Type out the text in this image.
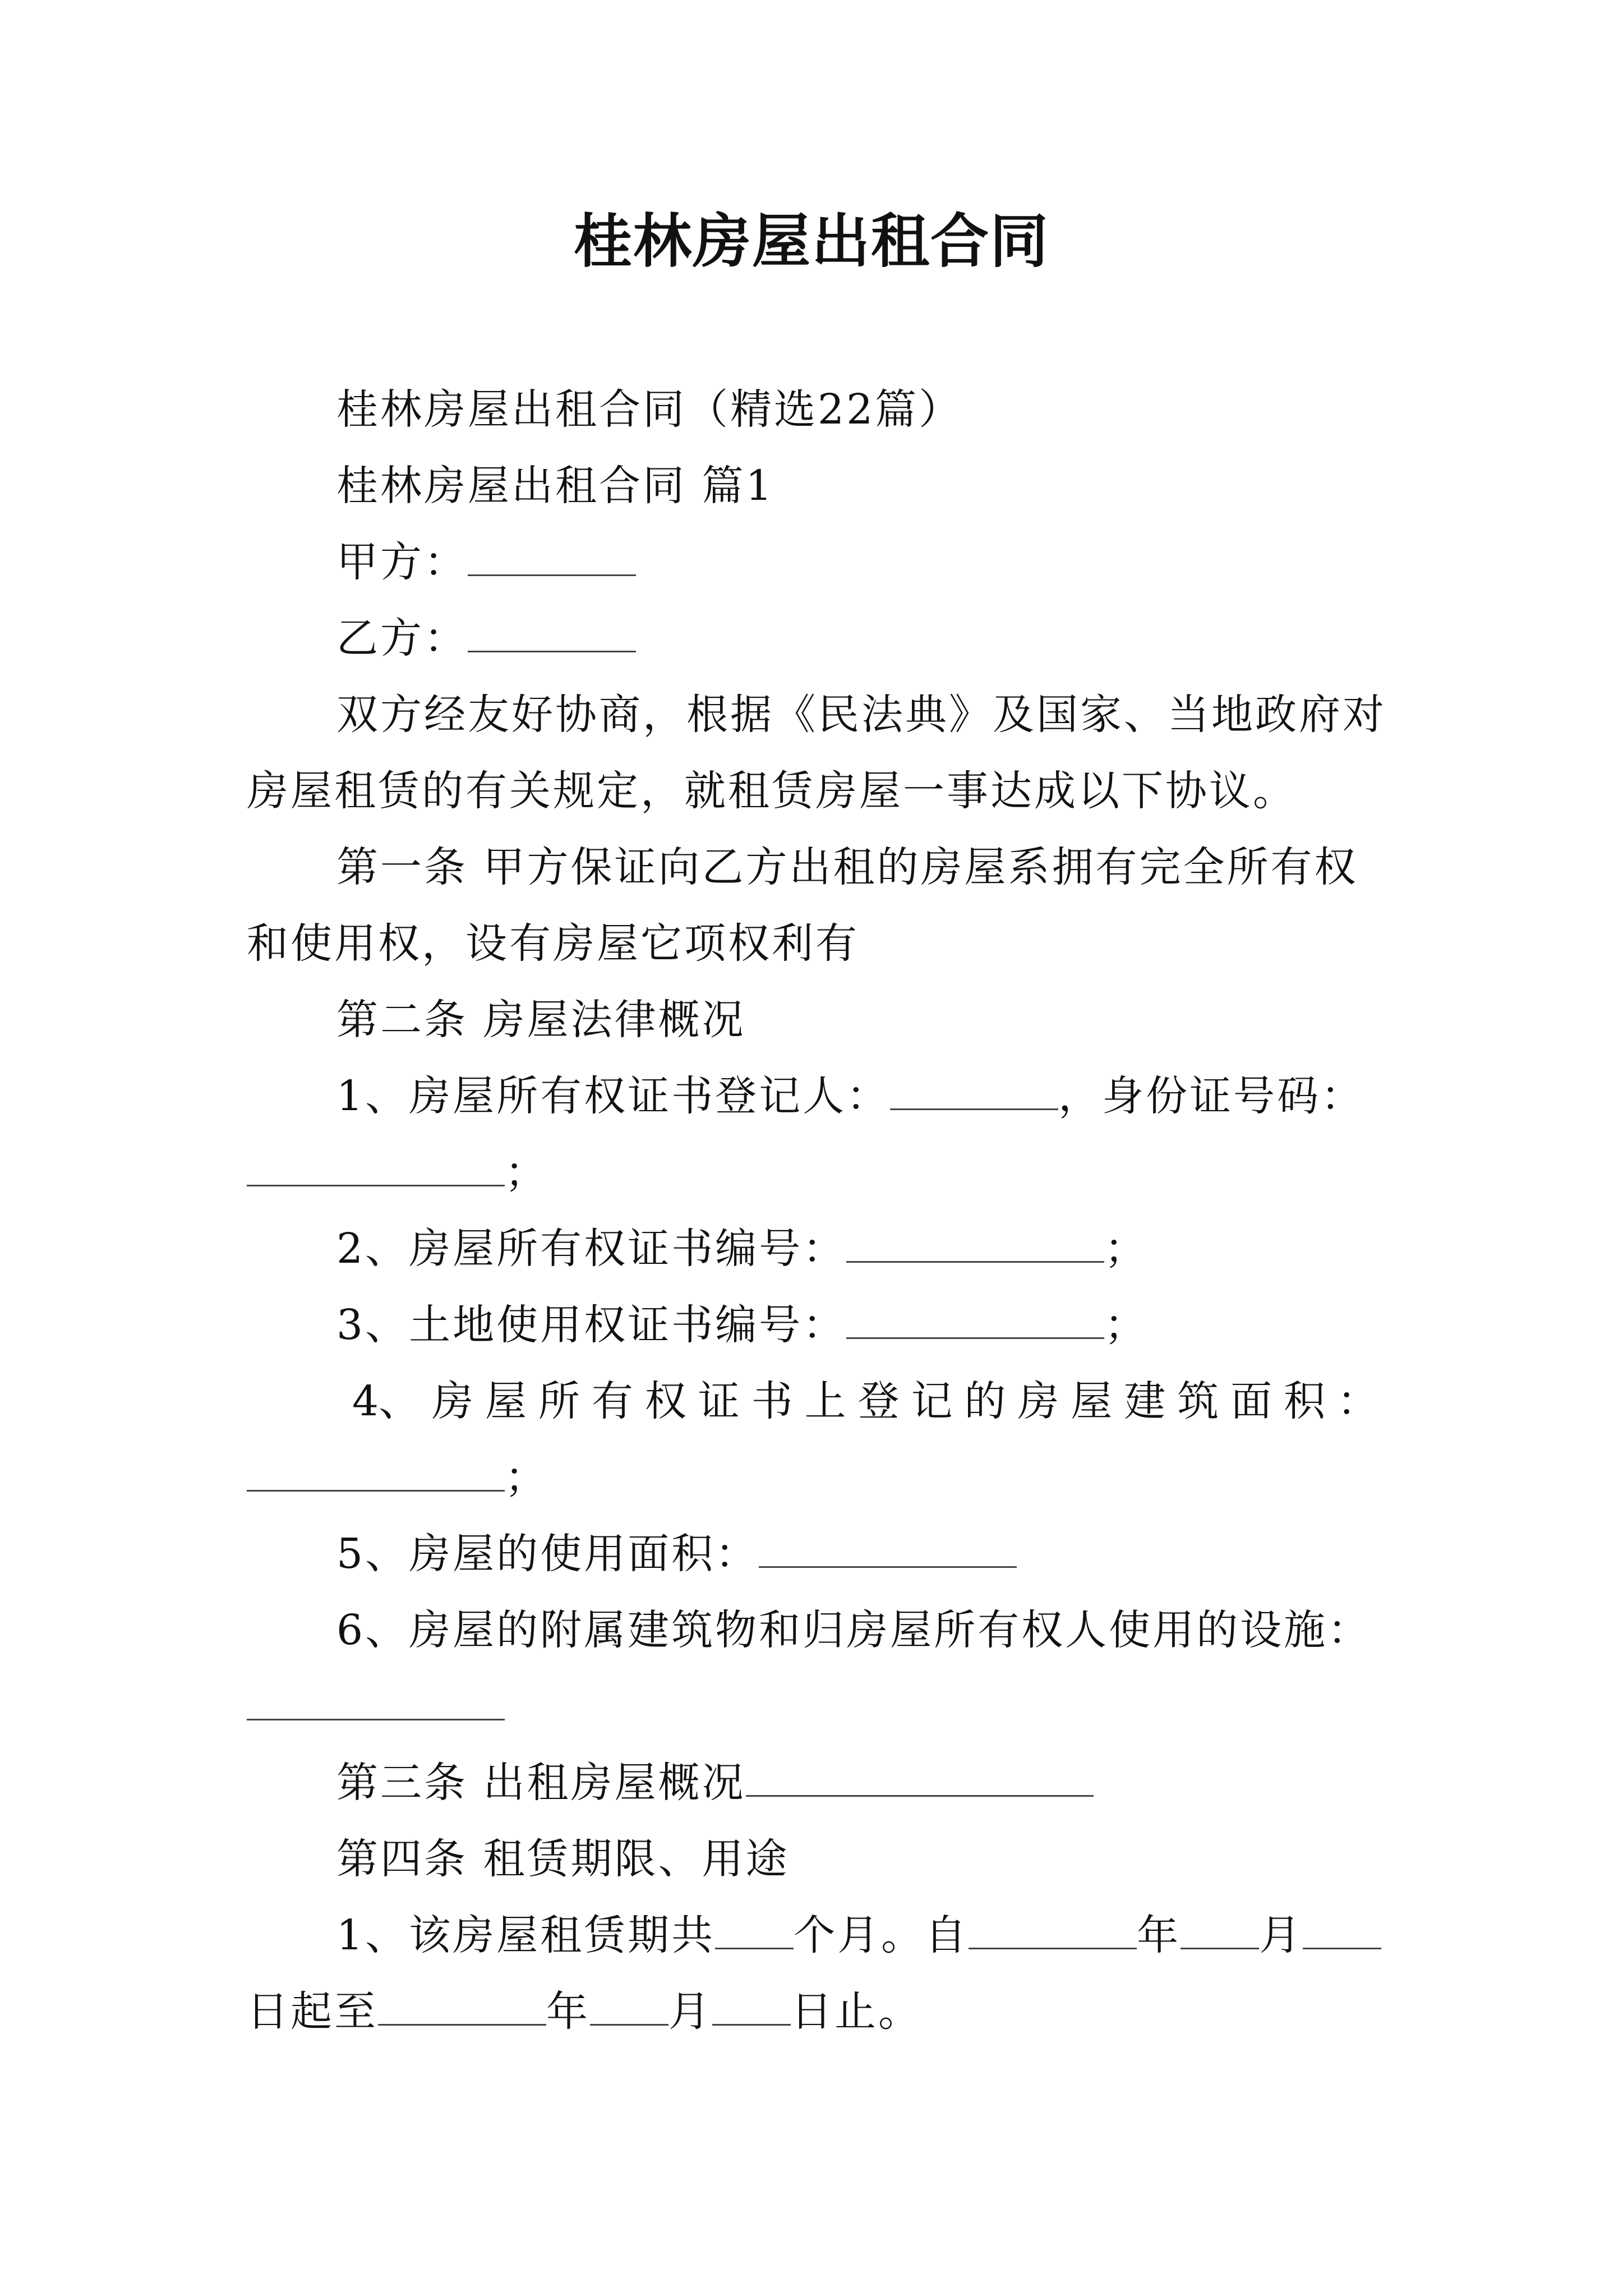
桂林房屋出租合同
桂林房屋出租合同（精选22篇）
桂林房屋出租合同 篇1
甲方：
乙方：
双方经友好协商，根据《民法典》及国家、当地政府对
房屋租赁的有关规定，就租赁房屋一事达成以下协议。
第一条 甲方保证向乙方出租的房屋系拥有完全所有权
和使用权，设有房屋它项权利有
第二条 房屋法律概况
1、房屋所有权证书登记人：	，身份证号码：
；
2、房屋所有权证书编号：	；
3、土地使用权证书编号：	；
4、 房 屋 所 有 权 证 书 上 登 记 的 房 屋 建 筑 面 积 ：
；
5、房屋的使用面积：
6、房屋的附属建筑物和归房屋所有权人使用的设施：
第三条 出租房屋概况
第四条 租赁期限、用途
1、该房屋租赁期共 个月。自	年 月
日起至	年 月 日止。
